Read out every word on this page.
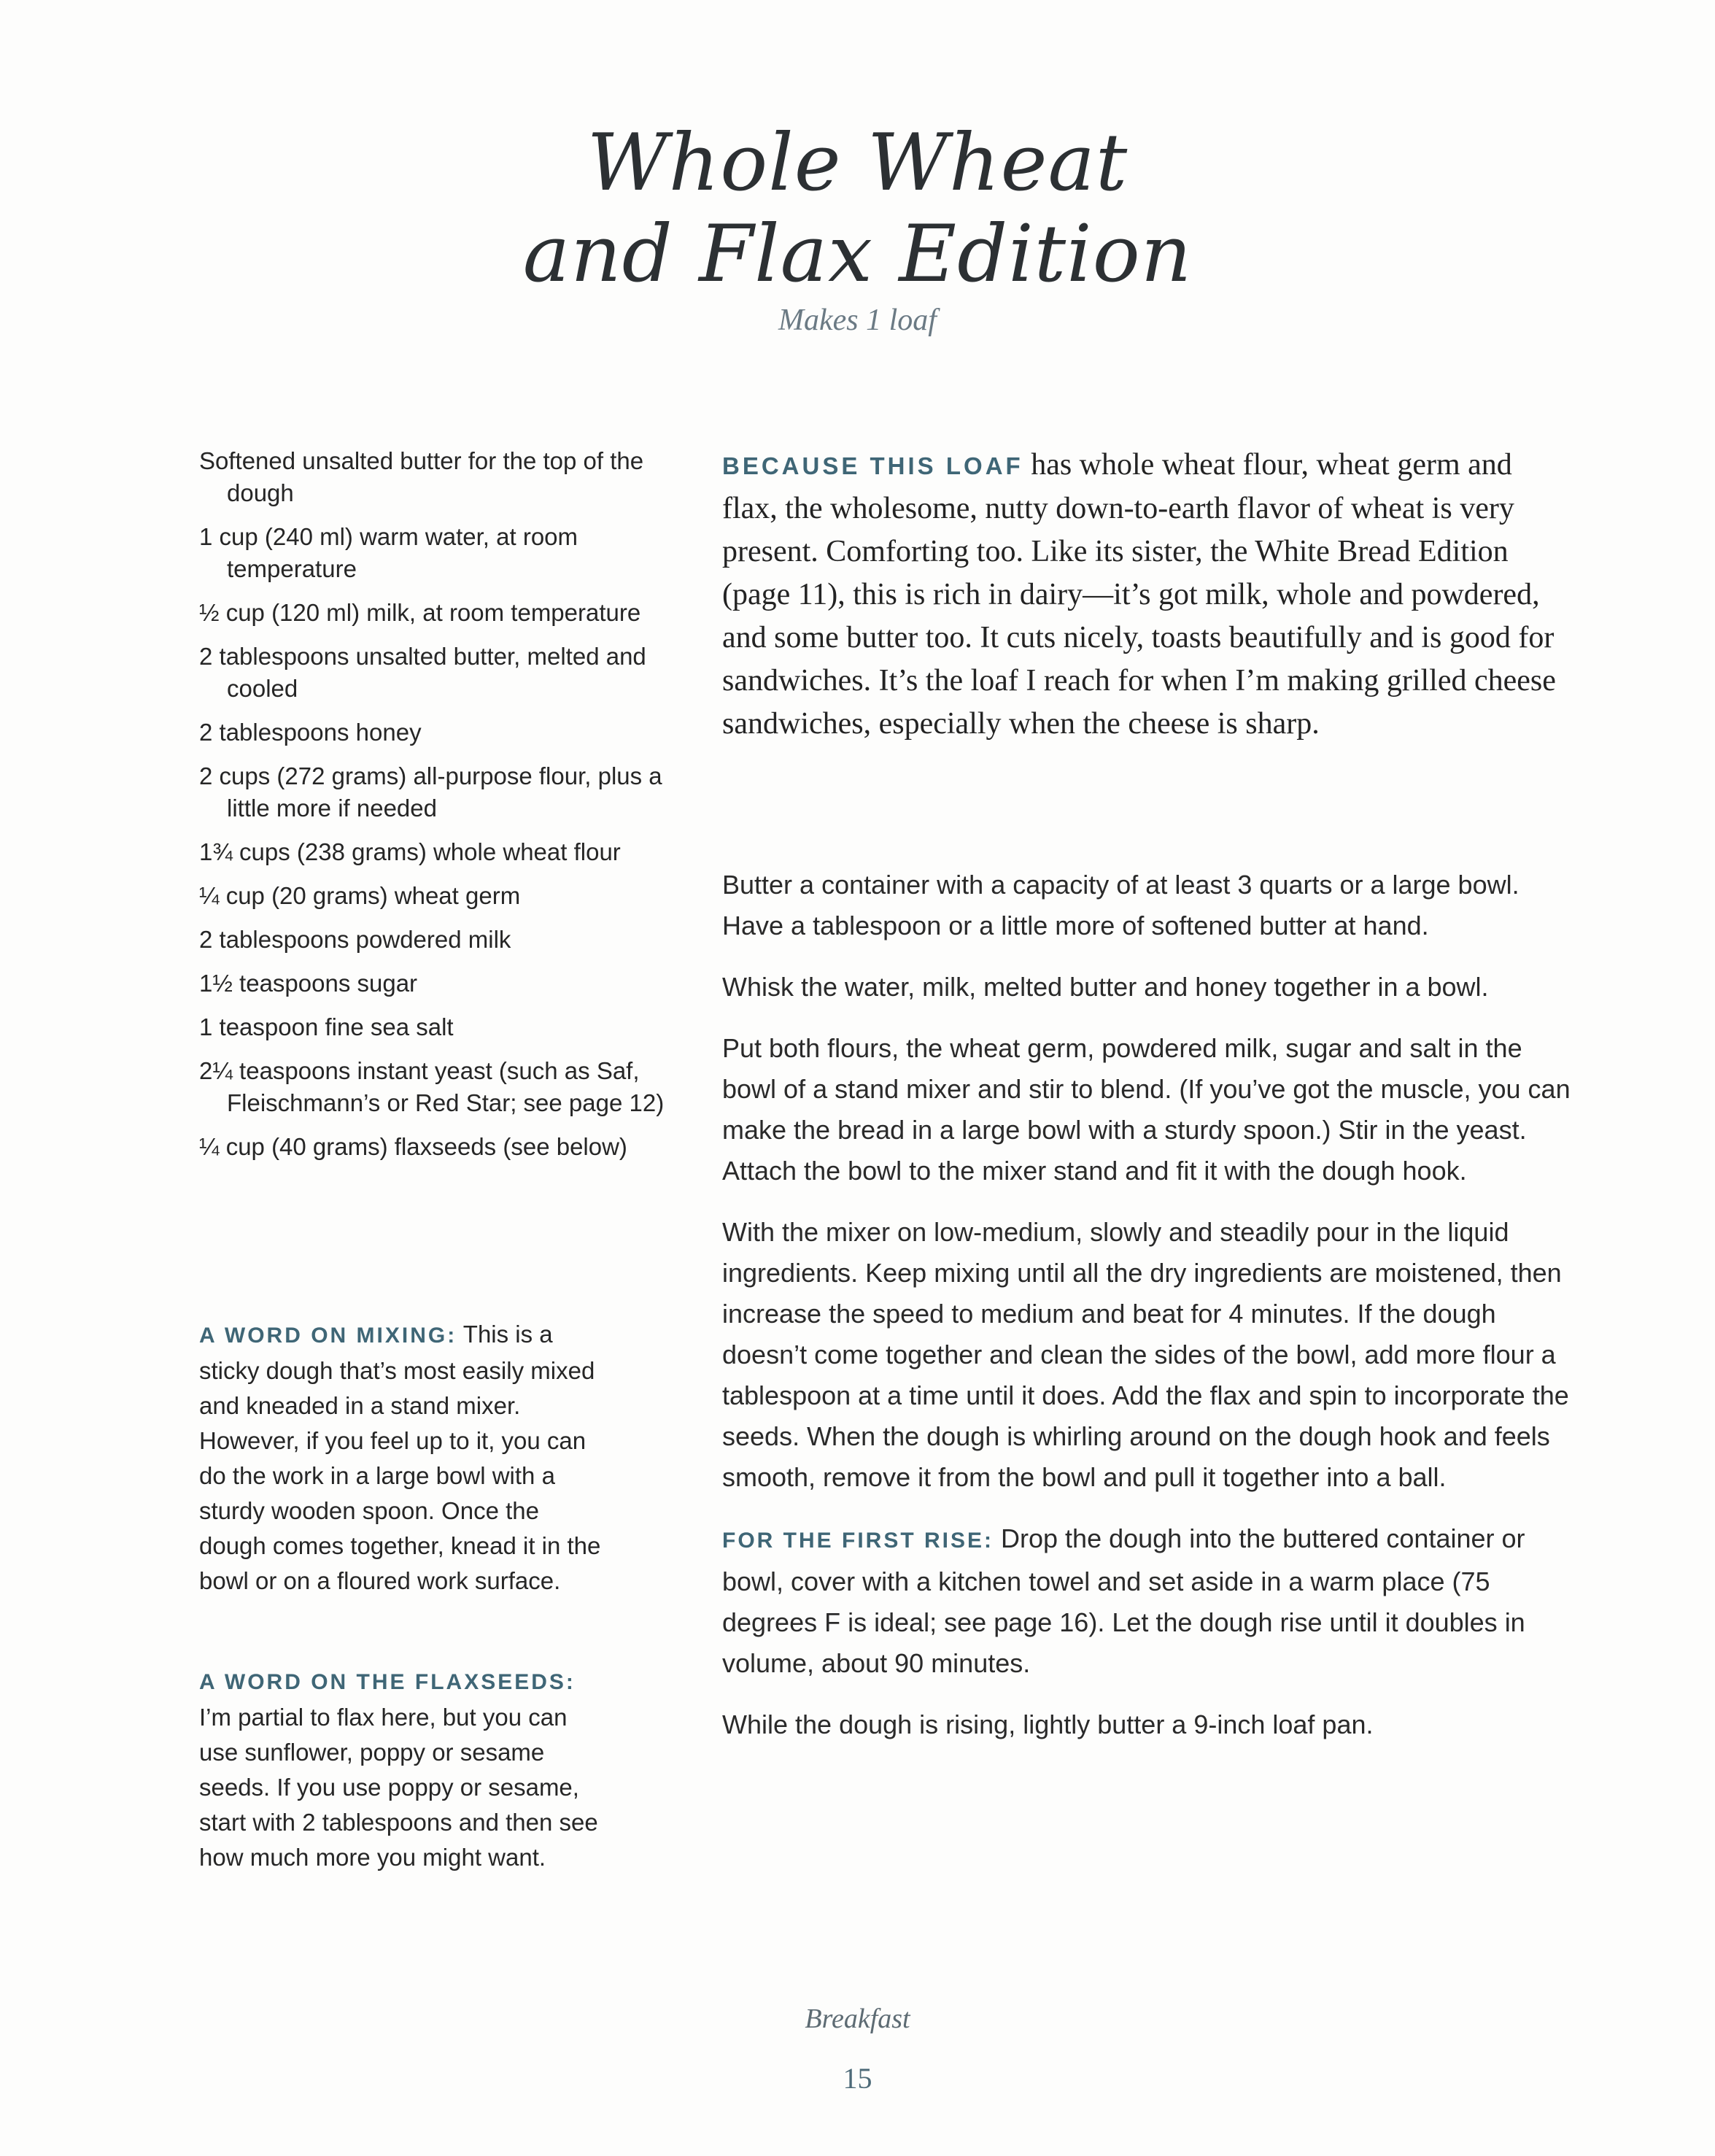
Whole Wheat
and Flax Edition
Makes 1 loaf
Softened unsalted butter for the top of the dough
1 cup (240 ml) warm water, at room temperature
½ cup (120 ml) milk, at room temperature
2 tablespoons unsalted butter, melted and cooled
2 tablespoons honey
2 cups (272 grams) all-purpose flour, plus a little more if needed
1¾ cups (238 grams) whole wheat flour
¼ cup (20 grams) wheat germ
2 tablespoons powdered milk
1½ teaspoons sugar
1 teaspoon fine sea salt
2¼ teaspoons instant yeast (such as Saf, Fleischmann’s or Red Star; see page 12)
¼ cup (40 grams) flaxseeds (see below)
A WORD ON MIXING: This is a sticky dough that’s most easily mixed and kneaded in a stand mixer. However, if you feel up to it, you can do the work in a large bowl with a sturdy wooden spoon. Once the dough comes together, knead it in the bowl or on a floured work surface.
A WORD ON THE FLAXSEEDS: I’m partial to flax here, but you can use sunflower, poppy or sesame seeds. If you use poppy or sesame, start with 2 tablespoons and then see how much more you might want.
BECAUSE THIS LOAF has whole wheat flour, wheat germ and flax, the wholesome, nutty down-to-earth flavor of wheat is very present. Comforting too. Like its sister, the White Bread Edition (page 11), this is rich in dairy—it’s got milk, whole and powdered, and some butter too. It cuts nicely, toasts beautifully and is good for sandwiches. It’s the loaf I reach for when I’m making grilled cheese sandwiches, especially when the cheese is sharp.

Butter a container with a capacity of at least 3 quarts or a large bowl. Have a tablespoon or a little more of softened butter at hand.

Whisk the water, milk, melted butter and honey together in a bowl.

Put both flours, the wheat germ, powdered milk, sugar and salt in the bowl of a stand mixer and stir to blend. (If you’ve got the muscle, you can make the bread in a large bowl with a sturdy spoon.) Stir in the yeast. Attach the bowl to the mixer stand and fit it with the dough hook.

With the mixer on low-medium, slowly and steadily pour in the liquid ingredients. Keep mixing until all the dry ingredients are moistened, then increase the speed to medium and beat for 4 minutes. If the dough doesn’t come together and clean the sides of the bowl, add more flour a tablespoon at a time until it does. Add the flax and spin to incorporate the seeds. When the dough is whirling around on the dough hook and feels smooth, remove it from the bowl and pull it together into a ball.

FOR THE FIRST RISE: Drop the dough into the buttered container or bowl, cover with a kitchen towel and set aside in a warm place (75 degrees F is ideal; see page 16). Let the dough rise until it doubles in volume, about 90 minutes.

While the dough is rising, lightly butter a 9-inch loaf pan.

Breakfast
15
